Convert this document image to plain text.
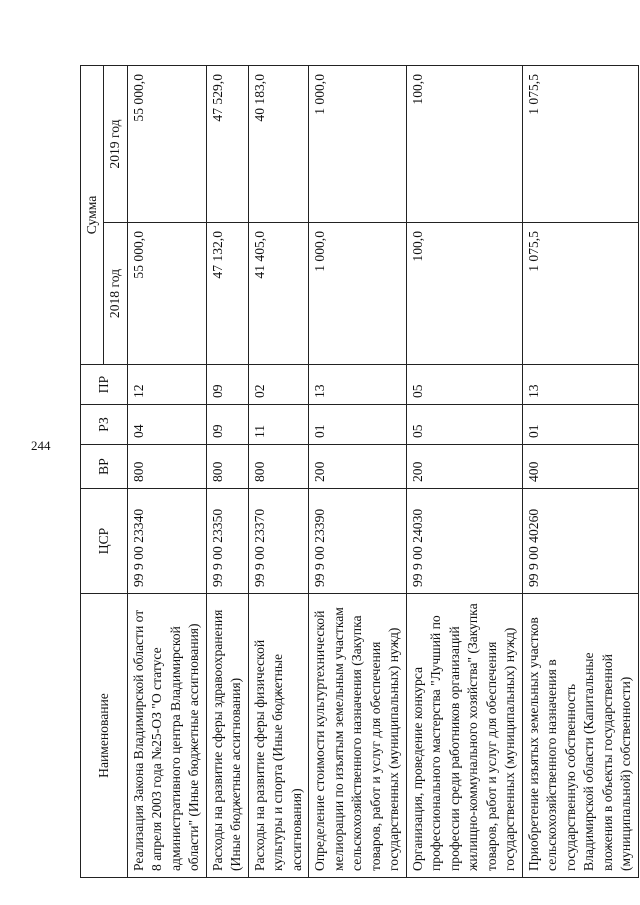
244
Наименование	ЦСР	ВР	РЗ	ПР	Сумма	
					2018 год	2019 год
Реализация Закона Владимирской области от 8 апреля 2003 года №25-ОЗ "О статусе административного центра Владимирской области" (Иные бюджетные ассигнования)	99 9 00 23340	800	04	12	55 000,0	55 000,0
Расходы на развитие сферы здравоохранения (Иные бюджетные ассигнования)	99 9 00 23350	800	09	09	47 132,0	47 529,0
Расходы на развитие сферы физической культуры и спорта (Иные бюджетные ассигнования)	99 9 00 23370	800	11	02	41 405,0	40 183,0
Определение стоимости культуртехнической мелиорации по изъятым земельным участкам сельскохозяйственного назначения (Закупка товаров, работ и услуг для обеспечения государственных (муниципальных) нужд)	99 9 00 23390	200	01	13	1 000,0	1 000,0
Организация, проведение конкурса профессионального мастерства "Лучший по профессии среди работников организаций жилищно-коммунального хозяйства" (Закупка товаров, работ и услуг для обеспечения государственных (муниципальных) нужд)	99 9 00 24030	200	05	05	100,0	100,0
Приобретение изъятых земельных участков сельскохозяйственного назначения в государственную собственность Владимирской области (Капитальные вложения в объекты государственной (муниципальной) собственности)	99 9 00 40260	400	01	13	1 075,5	1 075,5
